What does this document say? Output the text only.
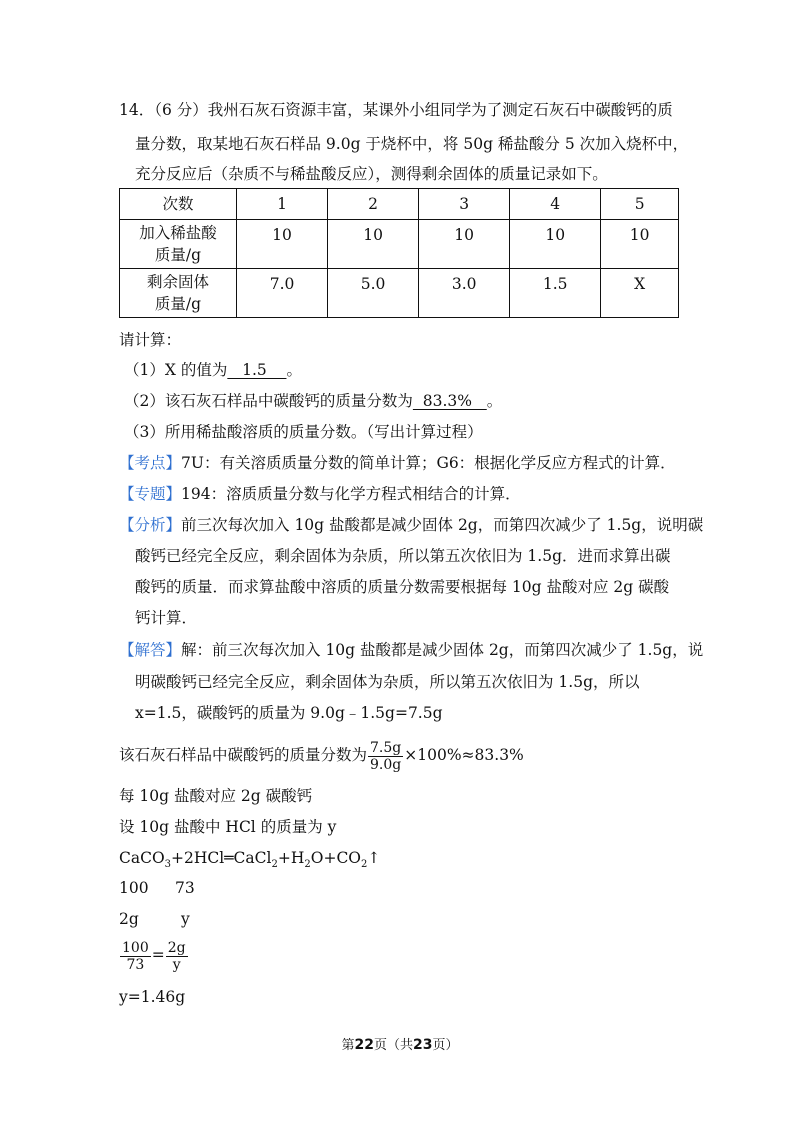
14．（6 分）我州石灰石资源丰富，某课外小组同学为了测定石灰石中碳酸钙的质
量分数，取某地石灰石样品 9.0g 于烧杯中，将 50g 稀盐酸分 5 次加入烧杯中，
充分反应后（杂质不与稀盐酸反应），测得剩余固体的质量记录如下。
次数	1	2	3	4	5
加入稀盐酸质量/g	10	10	10	10	10
剩余固体质量/g	7.0	5.0	3.0	1.5	X
请计算：
（1）X 的值为   1.5    。
（2）该石灰石样品中碳酸钙的质量分数为  83.3%   。
（3）所用稀盐酸溶质的质量分数。（写出计算过程）
【考点】7U：有关溶质质量分数的简单计算；G6：根据化学反应方程式的计算．
【专题】194：溶质质量分数与化学方程式相结合的计算．
【分析】前三次每次加入 10g 盐酸都是减少固体 2g，而第四次减少了 1.5g，说明碳
酸钙已经完全反应，剩余固体为杂质，所以第五次依旧为 1.5g．进而求算出碳
酸钙的质量．而求算盐酸中溶质的质量分数需要根据每 10g 盐酸对应 2g 碳酸
钙计算．
【解答】解：前三次每次加入 10g 盐酸都是减少固体 2g，而第四次减少了 1.5g，说
明碳酸钙已经完全反应，剩余固体为杂质，所以第五次依旧为 1.5g，所以
x=1.5，碳酸钙的质量为 9.0g﹣1.5g=7.5g
该石灰石样品中碳酸钙的质量分数为 $\frac{7.5g}{9.0g} \times 100\%\approx 83.3\%$
每 10g 盐酸对应 2g 碳酸钙
设 10g 盐酸中 HCl 的质量为 y
$CaCO_3+2HCl═CaCl_2+H_2O+CO_2↑$
100 73
2g	y
$\frac{100}{73} = \frac{2g}{y}$
y=1.46g
第22页（共23页）
